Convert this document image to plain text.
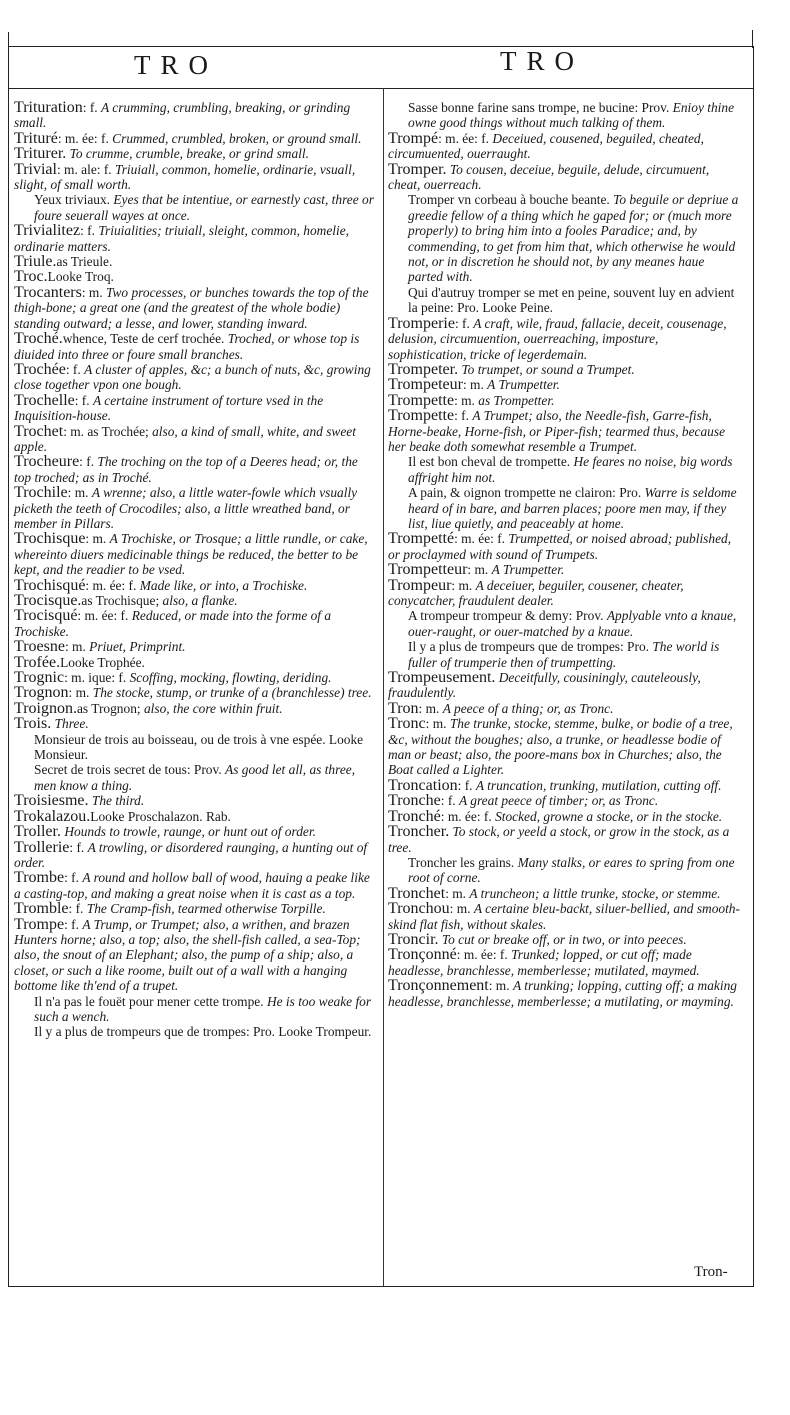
TRO	TRO

Trituration: f. A crumming, crumbling, breaking, or grinding small.

Trituré: m. ée: f. Crummed, crumbled, broken, or ground small.

Triturer. To crumme, crumble, breake, or grind small.

Trivial: m. ale: f. Triuiall, common, homelie, ordinarie, vsuall, slight, of small worth.

Yeux triviaux. Eyes that be intentiue, or earnestly cast, three or foure seuerall wayes at once.

Trivialitez: f. Triuialities; triuiall, sleight, common, homelie, ordinarie matters.

Triule.as Trieule.

Troc.Looke Troq.

Trocanters: m. Two processes, or bunches towards the top of the thigh-bone; a great one (and the greatest of the whole bodie) standing outward; a lesse, and lower, standing inward.

Troché.whence, Teste de cerf trochée. Troched, or whose top is diuided into three or foure small branches.

Trochée: f. A cluster of apples, &c; a bunch of nuts, &c, growing close together vpon one bough.

Trochelle: f. A certaine instrument of torture vsed in the Inquisition-house.

Trochet: m. as Trochée; also, a kind of small, white, and sweet apple.

Trocheure: f. The troching on the top of a Deeres head; or, the top troched; as in Troché.

Trochile: m. A wrenne; also, a little water-fowle which vsually picketh the teeth of Crocodiles; also, a little wreathed band, or member in Pillars.

Trochisque: m. A Trochiske, or Trosque; a little rundle, or cake, whereinto diuers medicinable things be reduced, the better to be kept, and the readier to be vsed.

Trochisqué: m. ée: f. Made like, or into, a Trochiske.

Trocisque.as Trochisque; also, a flanke.

Trocisqué: m. ée: f. Reduced, or made into the forme of a Trochiske.

Troesne: m. Priuet, Primprint.

Trofée.Looke Trophée.

Trognic: m. ique: f. Scoffing, mocking, flowting, deriding.

Trognon: m. The stocke, stump, or trunke of a (branchlesse) tree.

Troignon.as Trognon; also, the core within fruit.

Trois. Three.

Monsieur de trois au boisseau, ou de trois à vne espée. Looke Monsieur.

Secret de trois secret de tous: Prov. As good let all, as three, men know a thing.

Troisiesme. The third.

Trokalazou.Looke Proschalazon. Rab.

Troller. Hounds to trowle, raunge, or hunt out of order.

Trollerie: f. A trowling, or disordered raunging, a hunting out of order.

Trombe: f. A round and hollow ball of wood, hauing a peake like a casting-top, and making a great noise when it is cast as a top.

Tromble: f. The Cramp-fish, tearmed otherwise Torpille.

Trompe: f. A Trump, or Trumpet; also, a writhen, and brazen Hunters horne; also, a top; also, the shell-fish called, a sea-Top; also, the snout of an Elephant; also, the pump of a ship; also, a closet, or such a like roome, built out of a wall with a hanging bottome like th'end of a trupet.

Il n'a pas le fouët pour mener cette trompe. He is too weake for such a wench.

Il y a plus de trompeurs que de trompes: Pro. Looke Trompeur.

Sasse bonne farine sans trompe, ne bucine: Prov. Enioy thine owne good things without much talking of them.

Trompé: m. ée: f. Deceiued, cousened, beguiled, cheated, circumuented, ouerraught.

Tromper. To cousen, deceiue, beguile, delude, circumuent, cheat, ouerreach.

Tromper vn corbeau à bouche beante. To beguile or depriue a greedie fellow of a thing which he gaped for; or (much more properly) to bring him into a fooles Paradice; and, by commending, to get from him that, which otherwise he would not, or in discretion he should not, by any meanes haue parted with.

Qui d'autruy tromper se met en peine, souvent luy en advient la peine: Pro. Looke Peine.

Tromperie: f. A craft, wile, fraud, fallacie, deceit, cousenage, delusion, circumuention, ouerreaching, imposture, sophistication, tricke of legerdemain.

Trompeter. To trumpet, or sound a Trumpet.

Trompeteur: m. A Trumpetter.

Trompette: m. as Trompetter.

Trompette: f. A Trumpet; also, the Needle-fish, Garre-fish, Horne-beake, Horne-fish, or Piper-fish; tearmed thus, because her beake doth somewhat resemble a Trumpet.

Il est bon cheval de trompette. He feares no noise, big words affright him not.

A pain, & oignon trompette ne clairon: Pro. Warre is seldome heard of in bare, and barren places; poore men may, if they list, liue quietly, and peaceably at home.

Trompetté: m. ée: f. Trumpetted, or noised abroad; published, or proclaymed with sound of Trumpets.

Trompetteur: m. A Trumpetter.

Trompeur: m. A deceiuer, beguiler, cousener, cheater, conycatcher, fraudulent dealer.

A trompeur trompeur & demy: Prov. Applyable vnto a knaue, ouer-raught, or ouer-matched by a knaue.

Il y a plus de trompeurs que de trompes: Pro. The world is fuller of trumperie then of trumpetting.

Trompeusement. Deceitfully, cousiningly, cauteleously, fraudulently.

Tron: m. A peece of a thing; or, as Tronc.

Tronc: m. The trunke, stocke, stemme, bulke, or bodie of a tree, &c, without the boughes; also, a trunke, or headlesse bodie of man or beast; also, the poore-mans box in Churches; also, the Boat called a Lighter.

Troncation: f. A truncation, trunking, mutilation, cutting off.

Tronche: f. A great peece of timber; or, as Tronc.

Tronché: m. ée: f. Stocked, growne a stocke, or in the stocke.

Troncher. To stock, or yeeld a stock, or grow in the stock, as a tree.

Troncher les grains. Many stalks, or eares to spring from one root of corne.

Tronchet: m. A truncheon; a little trunke, stocke, or stemme.

Tronchou: m. A certaine bleu-backt, siluer-bellied, and smooth-skind flat fish, without skales.

Troncir. To cut or breake off, or in two, or into peeces.

Tronçonné: m. ée: f. Trunked; lopped, or cut off; made headlesse, branchlesse, memberlesse; mutilated, maymed.

Tronçonnement: m. A trunking; lopping, cutting off; a making headlesse, branchlesse, memberlesse; a mutilating, or mayming.

Tron-
